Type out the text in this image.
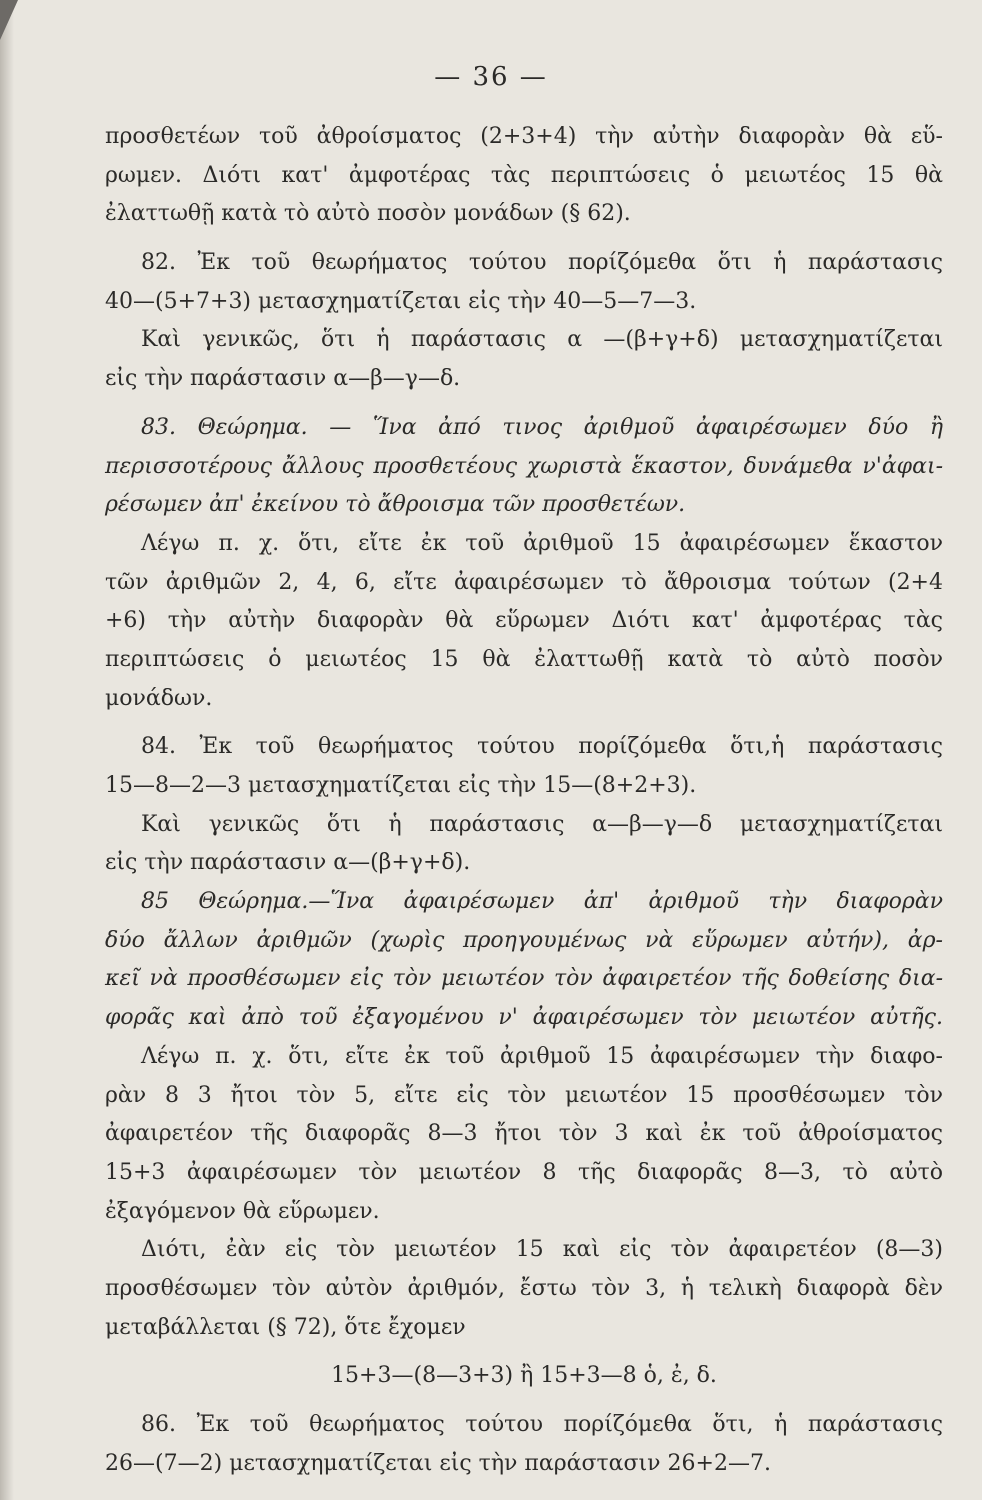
— 36 —
προσθετέων τοῦ ἀθροίσματος (2+3+4) τὴν αὐτὴν διαφορὰν θὰ εὕ-
ρωμεν. Διότι κατ' ἀμφοτέρας τὰς περιπτώσεις ὁ μειωτέος 15 θὰ
ἐλαττωθῇ κατὰ τὸ αὐτὸ ποσὸν μονάδων (§ 62).
82. Ἐκ τοῦ θεωρήματος τούτου πορίζόμεθα ὅτι ἡ παράστασις
40—(5+7+3) μετασχηματίζεται εἰς τὴν 40—5—7—3.
Καὶ γενικῶς, ὅτι ἡ παράστασις α —(β+γ+δ) μετασχηματίζεται
εἰς τὴν παράστασιν α—β—γ—δ.
83. Θεώρημα. — Ἵνα ἀπό τινος ἀριθμοῦ ἀφαιρέσωμεν δύο ἢ
περισσοτέρους ἄλλους προσθετέους χωριστὰ ἕκαστον, δυνάμεθα ν'ἀφαι-
ρέσωμεν ἀπ' ἐκείνου τὸ ἄθροισμα τῶν προσθετέων.
Λέγω π. χ. ὅτι, εἴτε ἐκ τοῦ ἀριθμοῦ 15 ἀφαιρέσωμεν ἕκαστον
τῶν ἀριθμῶν 2, 4, 6, εἴτε ἀφαιρέσωμεν τὸ ἄθροισμα τούτων (2+4
+6) τὴν αὐτὴν διαφορὰν θὰ εὕρωμεν Διότι κατ' ἀμφοτέρας τὰς
περιπτώσεις ὁ μειωτέος 15 θὰ ἐλαττωθῇ κατὰ τὸ αὐτὸ ποσὸν
μονάδων.
84. Ἐκ τοῦ θεωρήματος τούτου πορίζόμεθα ὅτι,ἡ παράστασις
15—8—2—3 μετασχηματίζεται εἰς τὴν 15—(8+2+3).
Καὶ γενικῶς ὅτι ἡ παράστασις α—β—γ—δ μετασχηματίζεται
εἰς τὴν παράστασιν α—(β+γ+δ).
85 Θεώρημα.—Ἵνα ἀφαιρέσωμεν ἀπ' ἀριθμοῦ τὴν διαφορὰν
δύο ἄλλων ἀριθμῶν (χωρὶς προηγουμένως νὰ εὕρωμεν αὐτήν), ἀρ-
κεῖ νὰ προσθέσωμεν εἰς τὸν μειωτέον τὸν ἀφαιρετέον τῆς δοθείσης δια-
φορᾶς καὶ ἀπὸ τοῦ ἐξαγομένου ν' ἀφαιρέσωμεν τὸν μειωτέον αὐτῆς.
Λέγω π. χ. ὅτι, εἴτε ἐκ τοῦ ἀριθμοῦ 15 ἀφαιρέσωμεν τὴν διαφο-
ρὰν 8 3 ἤτοι τὸν 5, εἴτε εἰς τὸν μειωτέον 15 προσθέσωμεν τὸν
ἀφαιρετέον τῆς διαφορᾶς 8—3 ἤτοι τὸν 3 καὶ ἐκ τοῦ ἀθροίσματος
15+3 ἀφαιρέσωμεν τὸν μειωτέον 8 τῆς διαφορᾶς 8—3, τὸ αὐτὸ
ἐξαγόμενον θὰ εὕρωμεν.
Διότι, ἐὰν εἰς τὸν μειωτέον 15 καὶ εἰς τὸν ἀφαιρετέον (8—3)
προσθέσωμεν τὸν αὐτὸν ἀριθμόν, ἔστω τὸν 3, ἡ τελικὴ διαφορὰ δὲν
μεταβάλλεται (§ 72), ὅτε ἔχομεν
15+3—(8—3+3) ἢ 15+3—8 ὁ, ἐ, δ.
86. Ἐκ τοῦ θεωρήματος τούτου πορίζόμεθα ὅτι, ἡ παράστασις
26—(7—2) μετασχηματίζεται εἰς τὴν παράστασιν 26+2—7.
